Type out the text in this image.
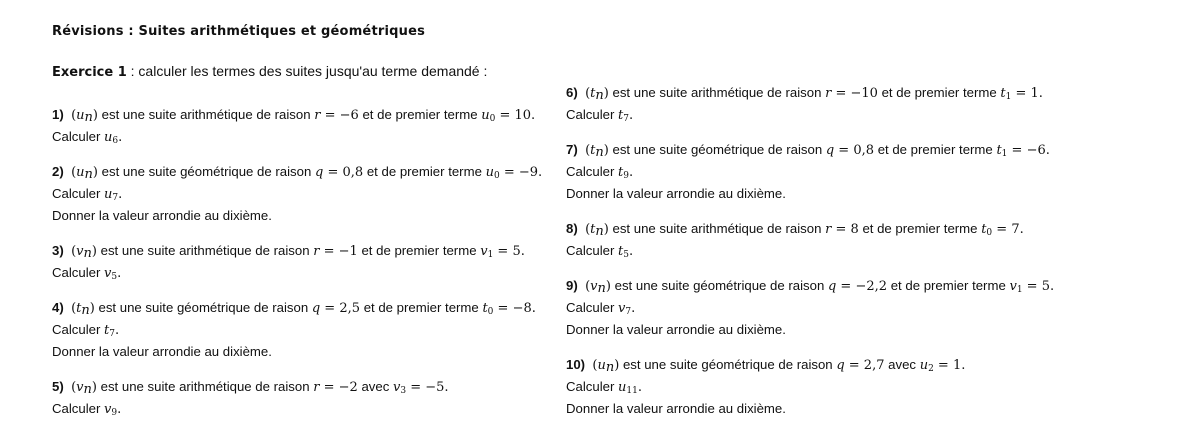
Révisions : Suites arithmétiques et géométriques
Exercice 1 : calculer les termes des suites jusqu'au terme demandé :
1) $(u_n)$ est une suite arithmétique de raison r = −6 et de premier terme $u_0 = 10$.
Calculer $u_6$.
2) $(u_n)$ est une suite géométrique de raison q = 0,8 et de premier terme $u_0 = -9$.
Calculer $u_7$.
Donner la valeur arrondie au dixième.
3) $(v_n)$ est une suite arithmétique de raison r = −1 et de premier terme $v_1 = 5$.
Calculer $v_5$.
4) $(t_n)$ est une suite géométrique de raison q = 2,5 et de premier terme $t_0 = -8$.
Calculer $t_7$.
Donner la valeur arrondie au dixième.
5) $(v_n)$ est une suite arithmétique de raison r = −2 avec $v_3 = -5$.
Calculer $v_9$.
6) $(t_n)$ est une suite arithmétique de raison r = −10 et de premier terme $t_1 = 1$.
Calculer $t_7$.
7) $(t_n)$ est une suite géométrique de raison q = 0,8 et de premier terme $t_1 = -6$.
Calculer $t_9$.
Donner la valeur arrondie au dixième.
8) $(t_n)$ est une suite arithmétique de raison r = 8 et de premier terme $t_0 = 7$.
Calculer $t_5$.
9) $(v_n)$ est une suite géométrique de raison q = −2,2 et de premier terme $v_1 = 5$.
Calculer $v_7$.
Donner la valeur arrondie au dixième.
10) $(u_n)$ est une suite géométrique de raison q = 2,7 avec $u_2 = 1$.
Calculer $u_{11}$.
Donner la valeur arrondie au dixième.
